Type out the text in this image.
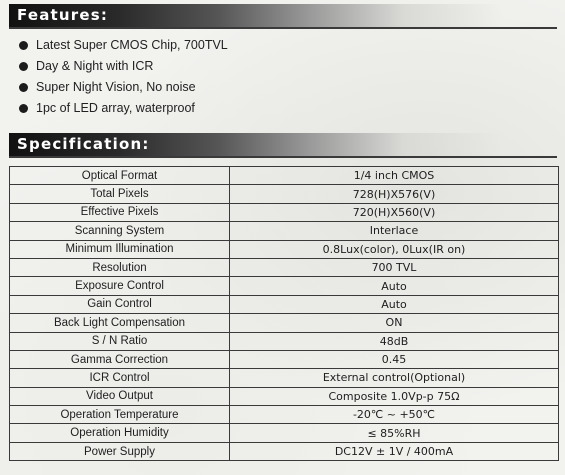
Features:
Latest Super CMOS Chip, 700TVL
Day & Night with ICR
Super Night Vision, No noise
1pc of LED array, waterproof
Specification:
Optical Format	1/4 inch CMOS
Total Pixels	728(H)X576(V)
Effective Pixels	720(H)X560(V)
Scanning System	Interlace
Minimum Illumination	0.8Lux(color), 0Lux(IR on)
Resolution	700 TVL
Exposure Control	Auto
Gain Control	Auto
Back Light Compensation	ON
S / N Ratio	48dB
Gamma Correction	0.45
ICR Control	External control(Optional)
Video Output	Composite 1.0Vp-p 75Ω
Operation Temperature	-20℃ ~ +50℃
Operation Humidity	≤ 85%RH
Power Supply	DC12V ± 1V / 400mA
